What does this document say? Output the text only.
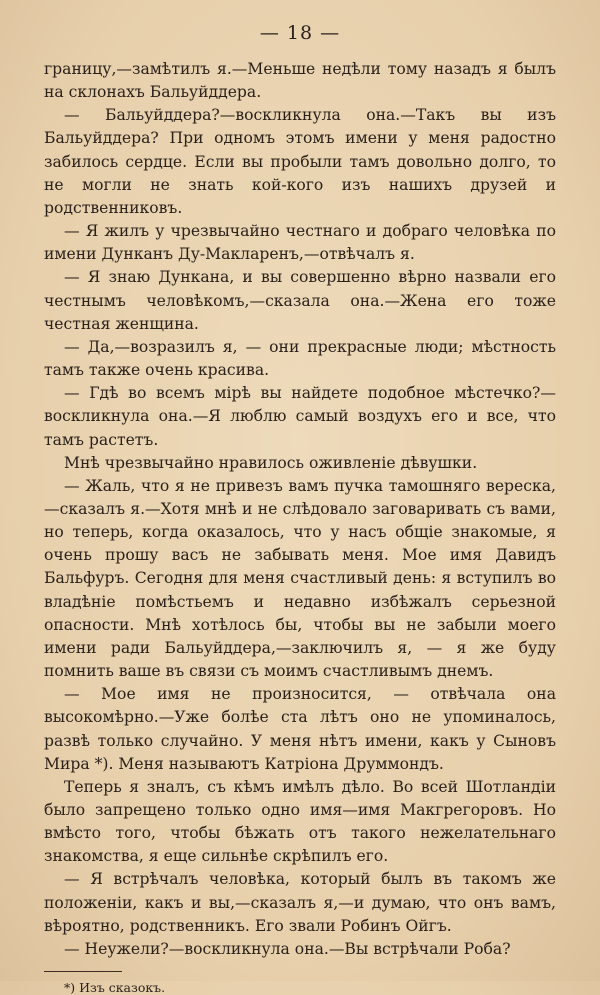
— 18 —

границу,—замѣтилъ я.—Меньше недѣли тому назадъ я былъ на склонахъ Бальуйддера.

— Бальуйддера?—воскликнула она.—Такъ вы изъ Бальуйддера? При одномъ этомъ имени у меня радостно забилось сердце. Если вы пробыли тамъ довольно долго, то не могли не знать кой-кого изъ нашихъ друзей и родственниковъ.

— Я жилъ у чрезвычайно честнаго и добраго человѣка по имени Дунканъ Ду-Макларенъ,—отвѣчалъ я.

— Я знаю Дункана, и вы совершенно вѣрно назвали его честнымъ человѣкомъ,—сказала она.—Жена его тоже честная женщина.

— Да,—возразилъ я, — они прекрасные люди; мѣстность тамъ также очень красива.

— Гдѣ во всемъ мірѣ вы найдете подобное мѣстечко?—воскликнула она.—Я люблю самый воздухъ его и все, что тамъ растетъ.

Мнѣ чрезвычайно нравилось оживленіе дѣвушки.

— Жаль, что я не привезъ вамъ пучка тамошняго вереска,—сказалъ я.—Хотя мнѣ и не слѣдовало заговаривать съ вами, но теперь, когда оказалось, что у насъ общіе знакомые, я очень прошу васъ не забывать меня. Мое имя Давидъ Бальфуръ. Сегодня для меня счастливый день: я вступилъ во владѣніе помѣстьемъ и недавно избѣжалъ серьезной опасности. Мнѣ хотѣлось бы, чтобы вы не забыли моего имени ради Бальуйддера,—заключилъ я, — я же буду помнить ваше въ связи съ моимъ счастливымъ днемъ.

— Мое имя не произносится, — отвѣчала она высокомѣрно.—Уже болѣе ста лѣтъ оно не упоминалось, развѣ только случайно. У меня нѣтъ имени, какъ у Сыновъ Мира *). Меня называютъ Катріона Друммондъ.

Теперь я зналъ, съ кѣмъ имѣлъ дѣло. Во всей Шотландіи было запрещено только одно имя—имя Макгрегоровъ. Но вмѣсто того, чтобы бѣжать отъ такого нежелательнаго знакомства, я еще сильнѣе скрѣпилъ его.

— Я встрѣчалъ человѣка, который былъ въ такомъ же положеніи, какъ и вы,—сказалъ я,—и думаю, что онъ вамъ, вѣроятно, родственникъ. Его звали Робинъ Ойгъ.

— Неужели?—воскликнула она.—Вы встрѣчали Роба?

*) Изъ сказокъ.
